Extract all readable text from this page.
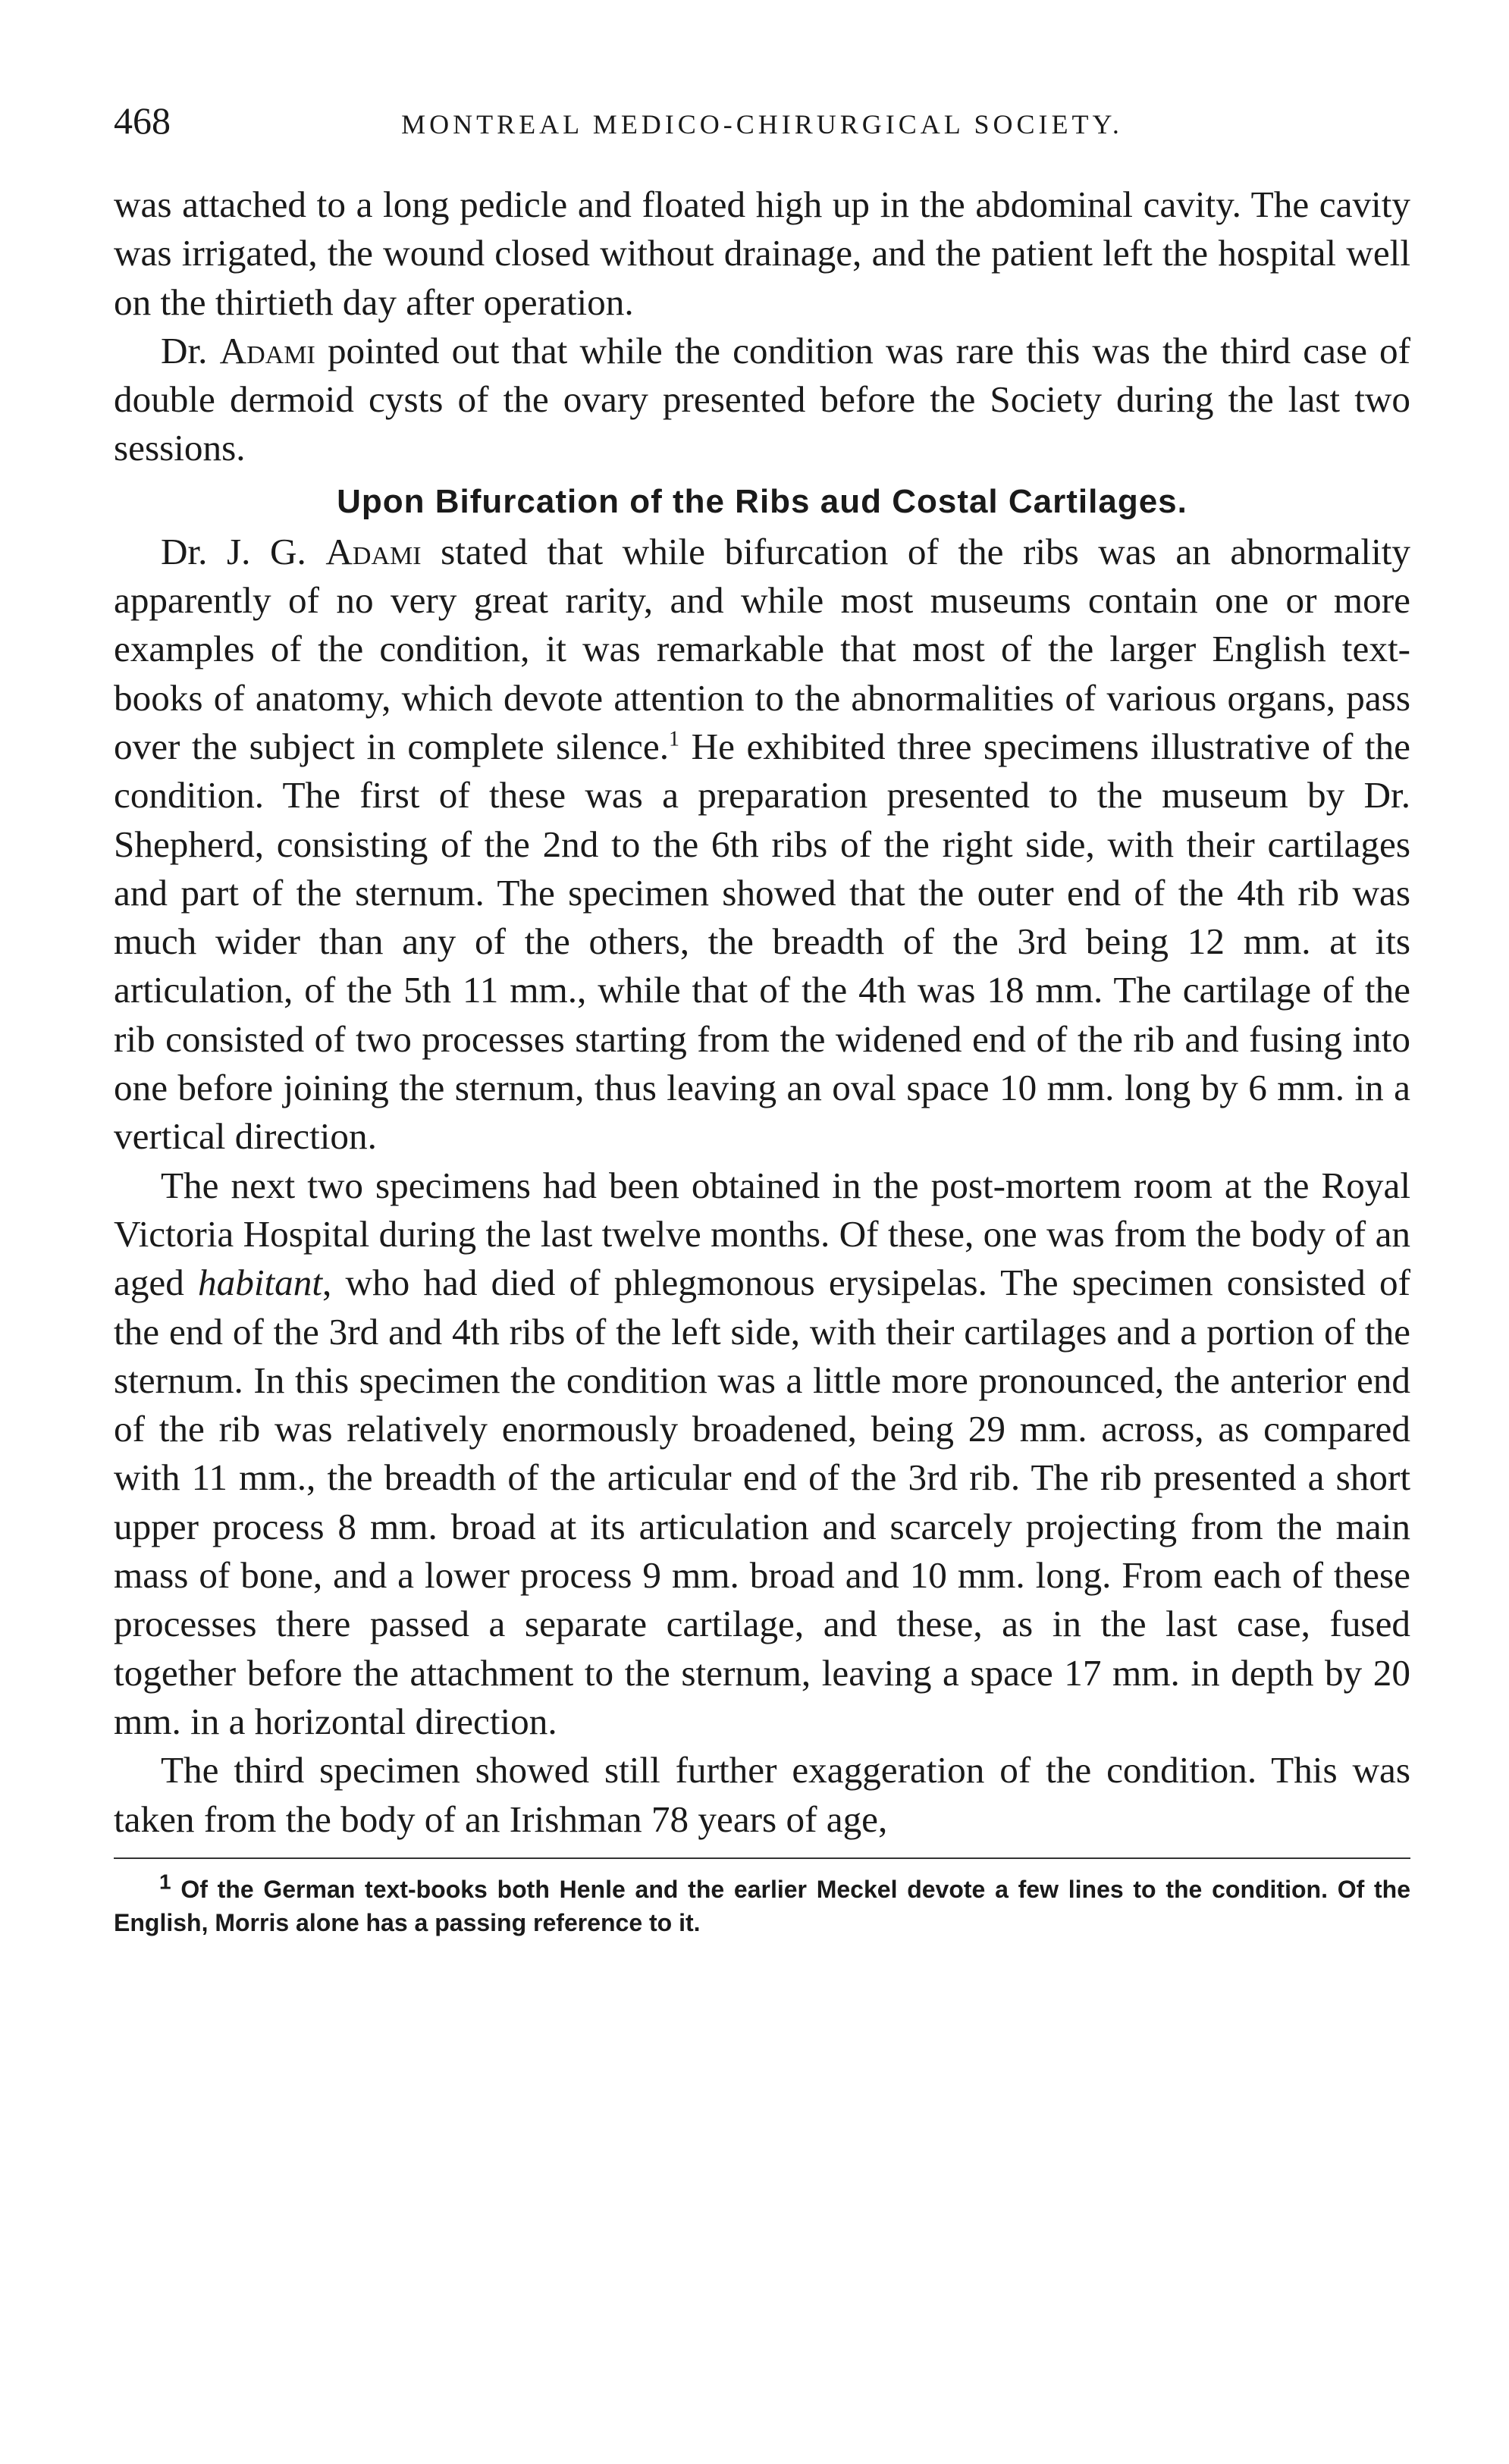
468	MONTREAL MEDICO-CHIRURGICAL SOCIETY.

was attached to a long pedicle and floated high up in the abdominal cavity. The cavity was irrigated, the wound closed without drainage, and the patient left the hospital well on the thirtieth day after operation.

Dr. Adami pointed out that while the condition was rare this was the third case of double dermoid cysts of the ovary presented before the Society during the last two sessions.

Upon Bifurcation of the Ribs aud Costal Cartilages.

Dr. J. G. Adami stated that while bifurcation of the ribs was an abnormality apparently of no very great rarity, and while most museums contain one or more examples of the condition, it was remarkable that most of the larger English text-books of anatomy, which devote attention to the abnormalities of various organs, pass over the subject in complete silence.$^1$ He exhibited three specimens illustrative of the condition. The first of these was a preparation presented to the museum by Dr. Shepherd, consisting of the 2nd to the 6th ribs of the right side, with their cartilages and part of the sternum. The specimen showed that the outer end of the 4th rib was much wider than any of the others, the breadth of the 3rd being 12 mm. at its articulation, of the 5th 11 mm., while that of the 4th was 18 mm. The cartilage of the rib consisted of two processes starting from the widened end of the rib and fusing into one before joining the sternum, thus leaving an oval space 10 mm. long by 6 mm. in a vertical direction.

The next two specimens had been obtained in the post-mortem room at the Royal Victoria Hospital during the last twelve months. Of these, one was from the body of an aged habitant, who had died of phlegmonous erysipelas. The specimen consisted of the end of the 3rd and 4th ribs of the left side, with their cartilages and a portion of the sternum. In this specimen the condition was a little more pronounced, the anterior end of the rib was relatively enormously broadened, being 29 mm. across, as compared with 11 mm., the breadth of the articular end of the 3rd rib. The rib presented a short upper process 8 mm. broad at its articulation and scarcely projecting from the main mass of bone, and a lower process 9 mm. broad and 10 mm. long. From each of these processes there passed a separate cartilage, and these, as in the last case, fused together before the attachment to the sternum, leaving a space 17 mm. in depth by 20 mm. in a horizontal direction.

The third specimen showed still further exaggeration of the condition. This was taken from the body of an Irishman 78 years of age,

$^1$ Of the German text-books both Henle and the earlier Meckel devote a few lines to the condition. Of the English, Morris alone has a passing reference to it.
